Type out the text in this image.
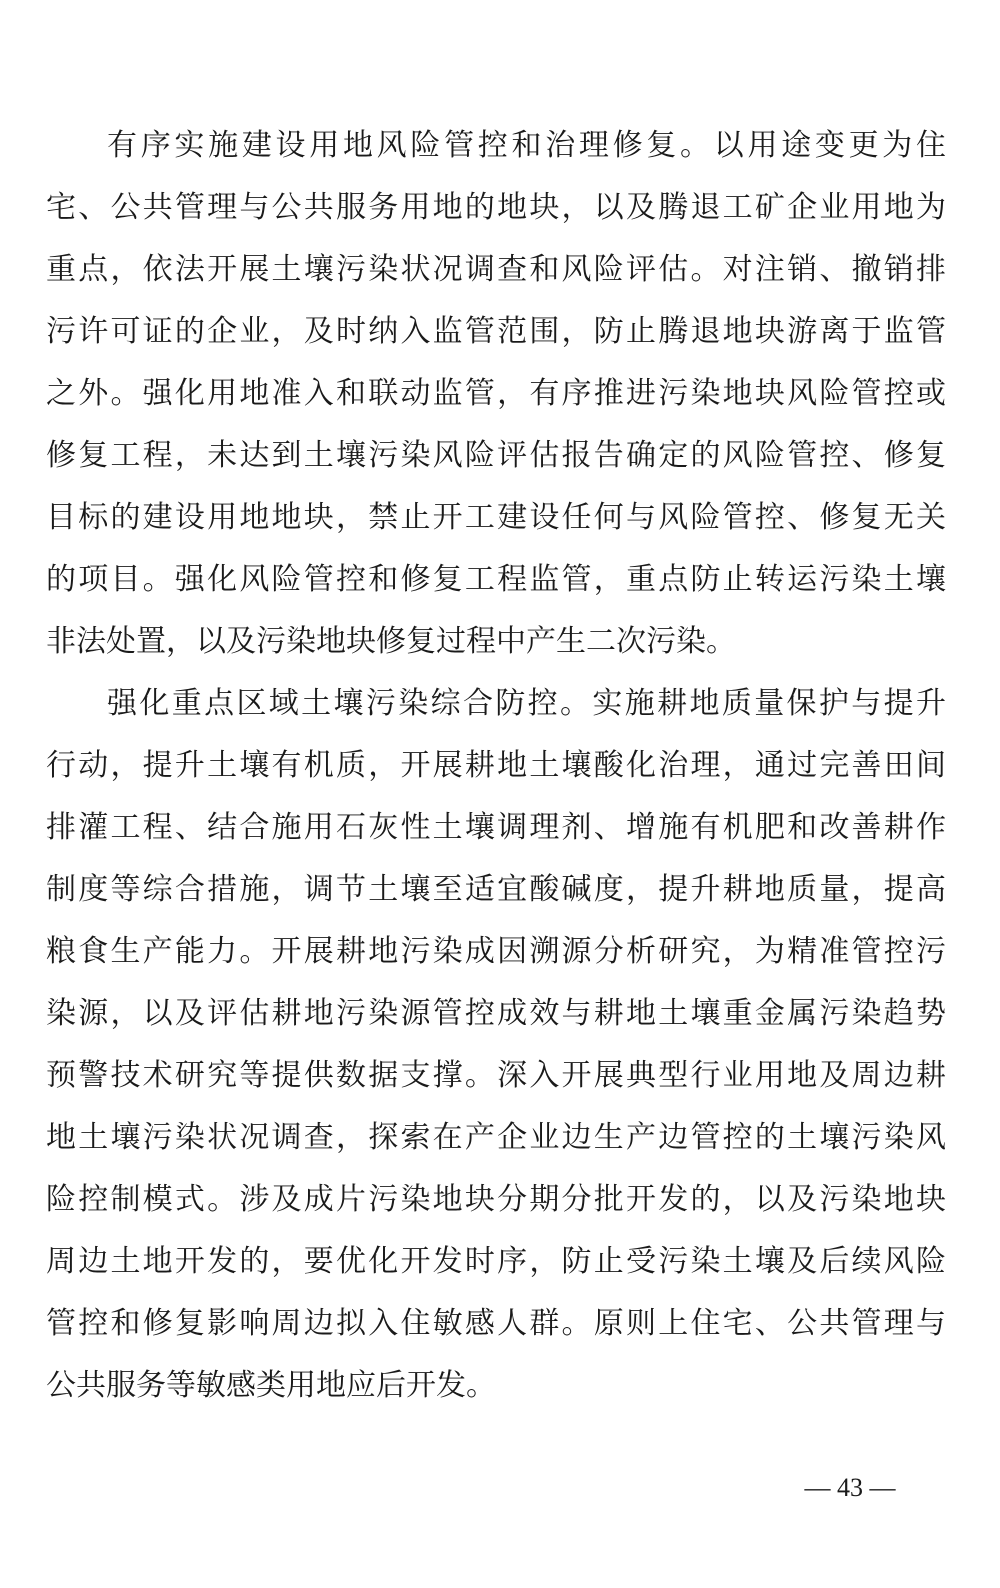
有序实施建设用地风险管控和治理修复。以用途变更为住
宅、公共管理与公共服务用地的地块，以及腾退工矿企业用地为
重点，依法开展土壤污染状况调查和风险评估。对注销、撤销排
污许可证的企业，及时纳入监管范围，防止腾退地块游离于监管
之外。强化用地准入和联动监管，有序推进污染地块风险管控或
修复工程，未达到土壤污染风险评估报告确定的风险管控、修复
目标的建设用地地块，禁止开工建设任何与风险管控、修复无关
的项目。强化风险管控和修复工程监管，重点防止转运污染土壤
非法处置，以及污染地块修复过程中产生二次污染。
强化重点区域土壤污染综合防控。实施耕地质量保护与提升
行动，提升土壤有机质，开展耕地土壤酸化治理，通过完善田间
排灌工程、结合施用石灰性土壤调理剂、增施有机肥和改善耕作
制度等综合措施，调节土壤至适宜酸碱度，提升耕地质量，提高
粮食生产能力。开展耕地污染成因溯源分析研究，为精准管控污
染源，以及评估耕地污染源管控成效与耕地土壤重金属污染趋势
预警技术研究等提供数据支撑。深入开展典型行业用地及周边耕
地土壤污染状况调查，探索在产企业边生产边管控的土壤污染风
险控制模式。涉及成片污染地块分期分批开发的，以及污染地块
周边土地开发的，要优化开发时序，防止受污染土壤及后续风险
管控和修复影响周边拟入住敏感人群。原则上住宅、公共管理与
公共服务等敏感类用地应后开发。
— 43 —
